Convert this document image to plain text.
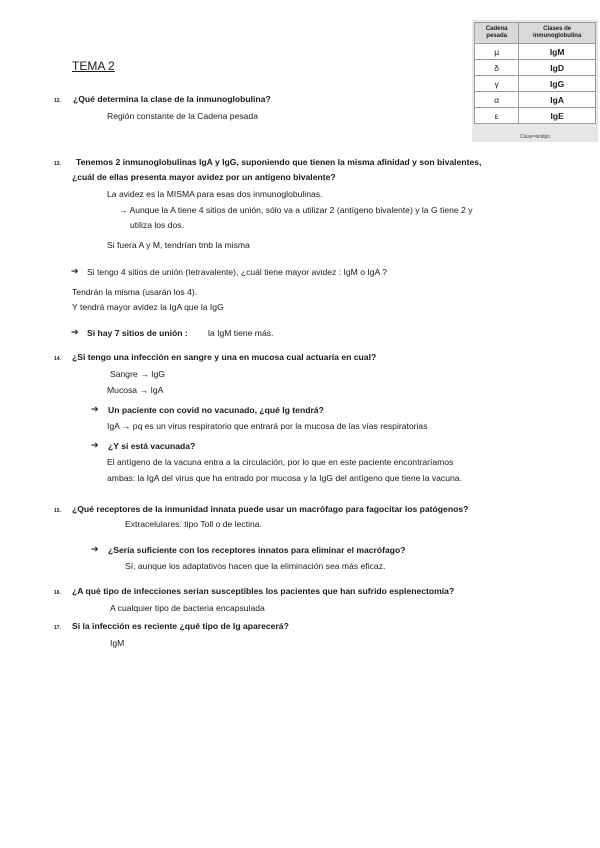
TEMA 2
Cadena pesada	Clases de inmunoglobulina
μ	IgM
δ	IgD
γ	IgG
α	IgA
ε	IgE
Clase=isotipo
12. ¿Qué determina la clase de la inmunoglobulina?
Región constante de la Cadena pesada
13. Tenemos 2 inmunoglobulinas IgA y IgG, suponiendo que tienen la misma afinidad y son bivalentes,
¿cuál de ellas presenta mayor avidez por un antígeno bivalente?
La avidez es la MISMA para esas dos inmunoglobulinas.
→ Aunque la A tiene 4 sitios de unión, sólo va a utilizar 2 (antígeno bivalente) y la G tiene 2 y
utiliza los dos.
Si fuera A y M, tendrían tmb la misma
➔ Si tengo 4 sitios de unión (tetravalente), ¿cuál tiene mayor avidez : IgM o IgA ?
Tendrán la misma (usarán los 4).
Y tendrá mayor avidez la IgA que la IgG
➔ Si hay 7 sitios de unión : la IgM tiene más.
14. ¿Si tengo una infección en sangre y una en mucosa cual actuaría en cual?
Sangre → IgG
Mucosa → IgA
➔ Un paciente con covid no vacunado, ¿qué Ig tendrá?
IgA → pq es un virus respiratorio que entrará por la mucosa de las vías respiratorias
➔ ¿Y si está vacunada?
El antígeno de la vacuna entra a la circulación, por lo que en este paciente encontraríamos
ambas: la IgA del virus que ha entrado por mucosa y la IgG del antígeno que tiene la vacuna.
15. ¿Qué receptores de la inmunidad innata puede usar un macrófago para fagocitar los patógenos?
Extracelulares: tipo Toll o de lectina.
➔ ¿Sería suficiente con los receptores innatos para eliminar el macrófago?
Sí, aunque los adaptativos hacen que la eliminación sea más eficaz.
16. ¿A qué tipo de infecciones serían susceptibles los pacientes que han sufrido esplenectomía?
A cualquier tipo de bacteria encapsulada
17. Si la infección es reciente ¿qué tipo de Ig aparecerá?
IgM
